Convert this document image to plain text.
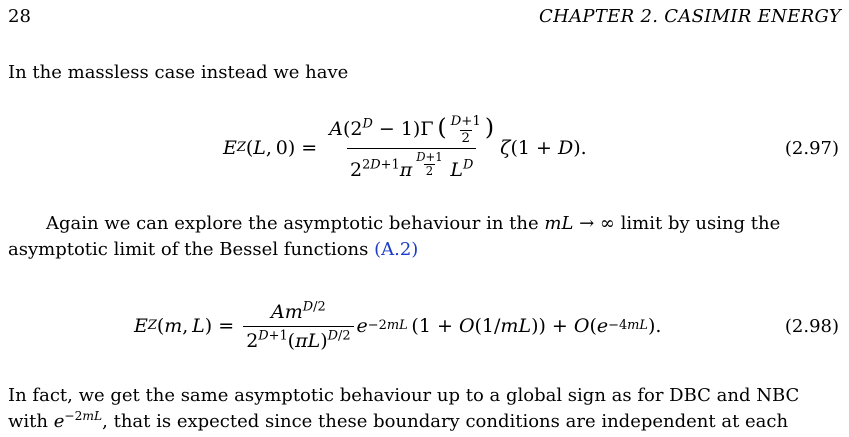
28	CHAPTER 2. CASIMIR ENERGY

In the massless case instead we have

E Z ( L , $0) = A(2^D - 1)\Gamma$ ( $\frac{D+1}{2}$ )
$2^{2D+1}\pi$ $^{\frac{D+1}{2}}$
  $L^D$ ζ (1 + D ).	(2.97)

Again we can explore the asymptotic behaviour in the mL → ∞ limit by using the asymptotic limit of the Bessel functions (A.2)

E Z ( m ,  L ) = $\frac{Am^{D/2}}{2^{D+1}(\pi L)^{D/2}}$ e −2mL  (1 + O (1/ mL )) + O ( e −4mL ).	(2.98)

In fact, we get the same asymptotic behaviour up to a global sign as for DBC and NBC with $e^{-2mL}$, that is expected since these boundary conditions are independent at each
